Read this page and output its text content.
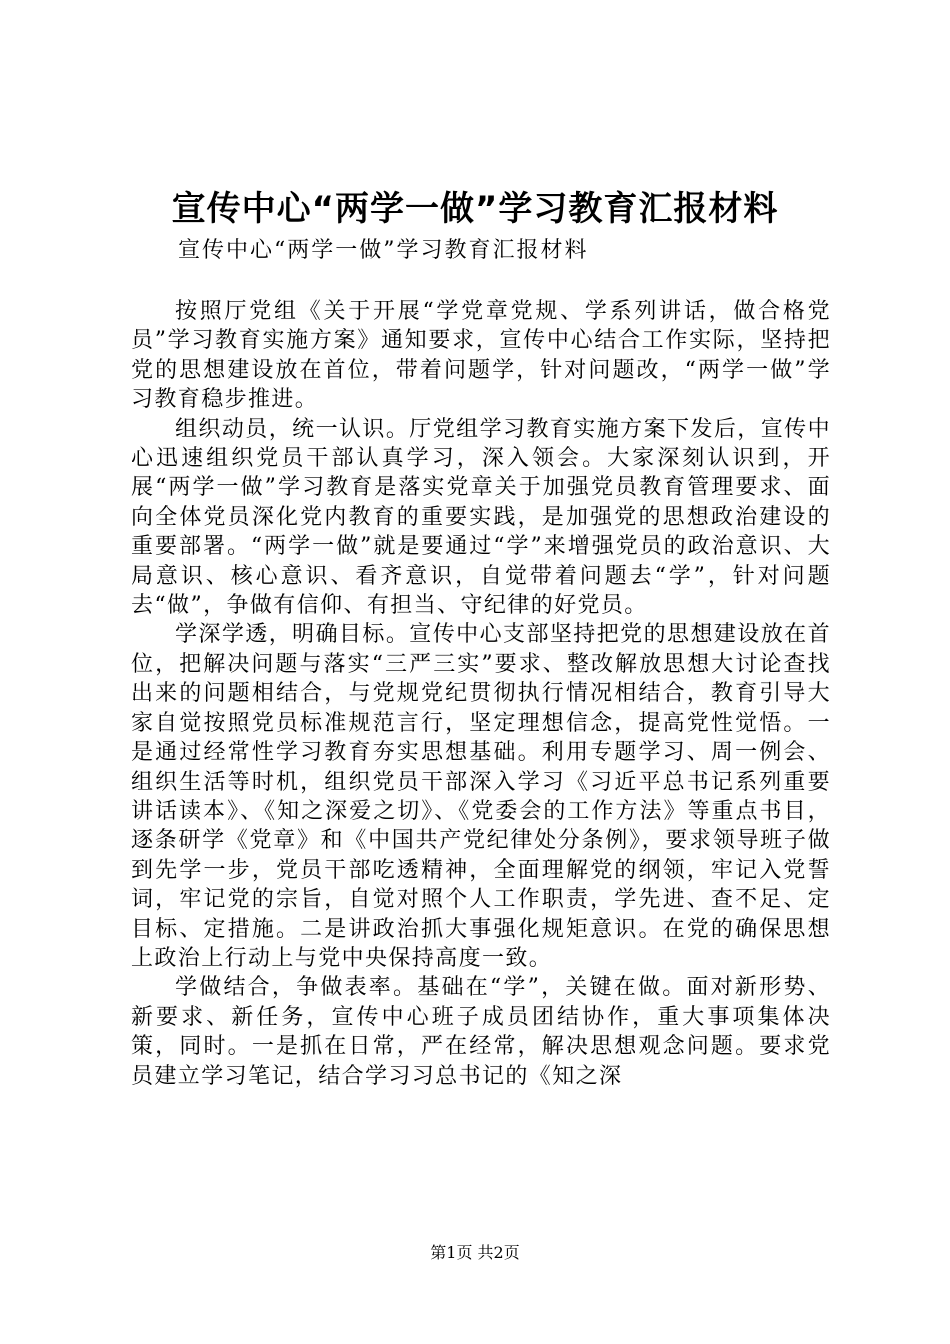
宣传中心“两学一做”学习教育汇报材料
宣传中心“两学一做”学习教育汇报材料

按照厅党组《关于开展“学党章党规、学系列讲话，做合格党员”学习教育实施方案》通知要求，宣传中心结合工作实际，坚持把党的思想建设放在首位，带着问题学，针对问题改，“两学一做”学习教育稳步推进。

组织动员，统一认识。厅党组学习教育实施方案下发后，宣传中心迅速组织党员干部认真学习，深入领会。大家深刻认识到，开展“两学一做”学习教育是落实党章关于加强党员教育管理要求、面向全体党员深化党内教育的重要实践，是加强党的思想政治建设的重要部署。“两学一做”就是要通过“学”来增强党员的政治意识、大局意识、核心意识、看齐意识，自觉带着问题去“学”，针对问题去“做”，争做有信仰、有担当、守纪律的好党员。

学深学透，明确目标。宣传中心支部坚持把党的思想建设放在首位，把解决问题与落实“三严三实”要求、整改解放思想大讨论查找出来的问题相结合，与党规党纪贯彻执行情况相结合，教育引导大家自觉按照党员标准规范言行，坚定理想信念，提高党性觉悟。一是通过经常性学习教育夯实思想基础。利用专题学习、周一例会、组织生活等时机，组织党员干部深入学习《习近平总书记系列重要讲话读本》、《知之深爱之切》、《党委会的工作方法》等重点书目，逐条研学《党章》和《中国共产党纪律处分条例》，要求领导班子做到先学一步，党员干部吃透精神，全面理解党的纲领，牢记入党誓词，牢记党的宗旨，自觉对照个人工作职责，学先进、查不足、定目标、定措施。二是讲政治抓大事强化规矩意识。在党的确保思想上政治上行动上与党中央保持高度一致。

学做结合，争做表率。基础在“学”，关键在做。面对新形势、新要求、新任务，宣传中心班子成员团结协作，重大事项集体决策，同时。一是抓在日常，严在经常，解决思想观念问题。要求党员建立学习笔记，结合学习习总书记的《知之深

第1页 共2页
